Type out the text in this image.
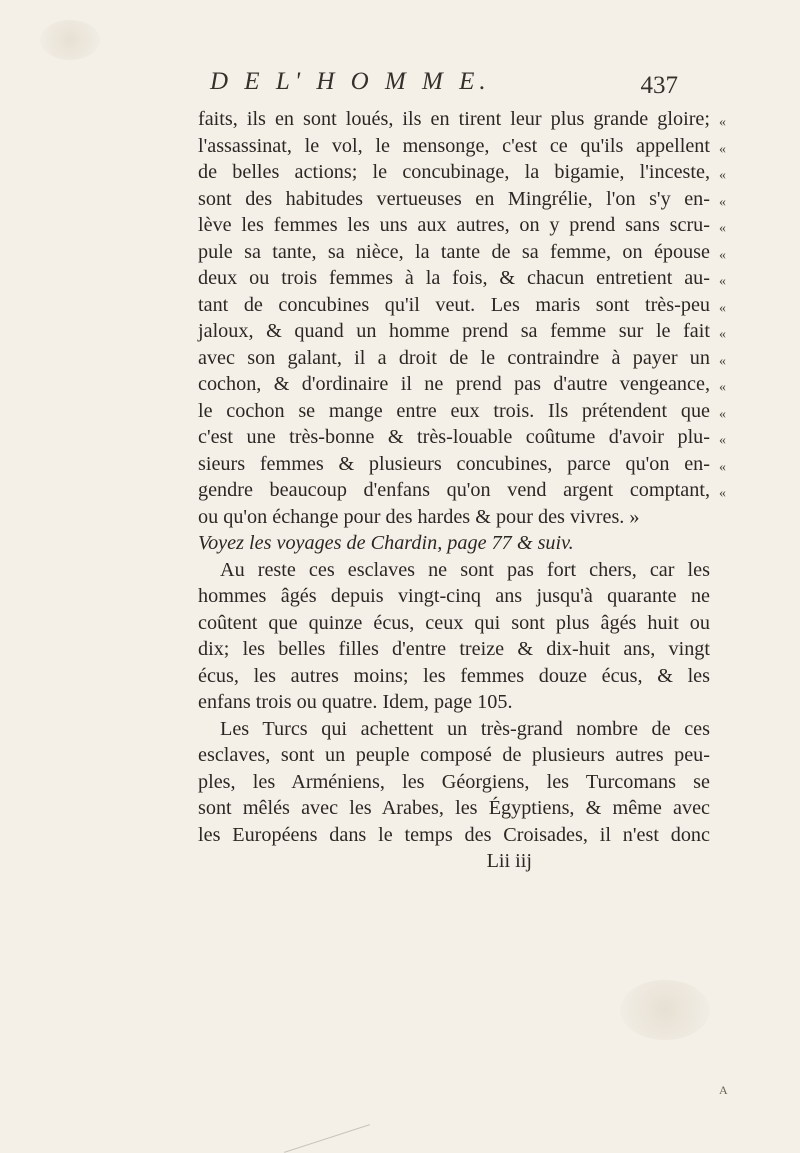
D E L' H O M M E.	437
faits, ils en sont loués, ils en tirent leur plus grande gloire;
l'assassinat, le vol, le mensonge, c'est ce qu'ils appellent
de belles actions; le concubinage, la bigamie, l'inceste,
sont des habitudes vertueuses en Mingrélie, l'on s'y en-
lève les femmes les uns aux autres, on y prend sans scru-
pule sa tante, sa nièce, la tante de sa femme, on épouse
deux ou trois femmes à la fois, & chacun entretient au-
tant de concubines qu'il veut. Les maris sont très-peu
jaloux, & quand un homme prend sa femme sur le fait
avec son galant, il a droit de le contraindre à payer un
cochon, & d'ordinaire il ne prend pas d'autre vengeance,
le cochon se mange entre eux trois. Ils prétendent que
c'est une très-bonne & très-louable coûtume d'avoir plu-
sieurs femmes & plusieurs concubines, parce qu'on en-
gendre beaucoup d'enfans qu'on vend argent comptant,
ou qu'on échange pour des hardes & pour des vivres. »
Voyez les voyages de Chardin, page 77 & suiv.
Au reste ces esclaves ne sont pas fort chers, car les
hommes âgés depuis vingt-cinq ans jusqu'à quarante ne
coûtent que quinze écus, ceux qui sont plus âgés huit ou
dix; les belles filles d'entre treize & dix-huit ans, vingt
écus, les autres moins; les femmes douze écus, & les
enfans trois ou quatre. Idem, page 105.
Les Turcs qui achettent un très-grand nombre de ces
esclaves, sont un peuple composé de plusieurs autres peu-
ples, les Arméniens, les Géorgiens, les Turcomans se
sont mêlés avec les Arabes, les Égyptiens, & même avec
les Européens dans le temps des Croisades, il n'est donc
Lii iij
«
«
«
«
«
«
«
«
«
«
«
«
«
«
«
A
